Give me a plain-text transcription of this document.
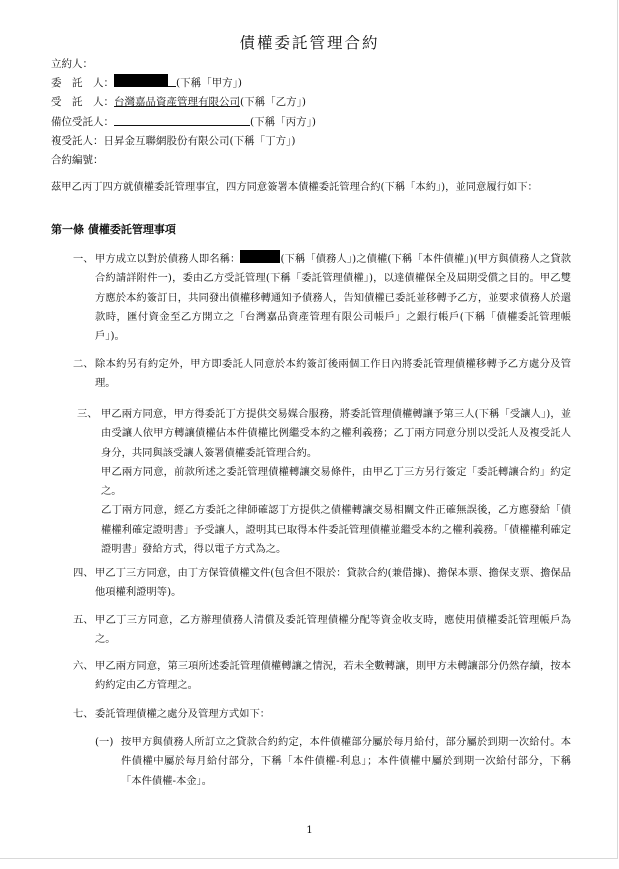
債權委託管理合約
立約人：
委　託　人：	(下稱「甲方」)
受　託　人：台灣嘉品資產管理有限公司(下稱「乙方」)
備位受託人：	(下稱「丙方」)
複受託人：日昇金互聯網股份有限公司(下稱「丁方」)
合約編號：
茲甲乙丙丁四方就債權委託管理事宜，四方同意簽署本債權委託管理合約(下稱「本約」)，並同意履行如下：
第一條 債權委託管理事項
一、 甲方成立以對於債務人即名稱：	(下稱「債務人」)之債權(下稱「本件債權」)(甲方與債務人之貸款合約請詳附件一)，委由乙方受託管理(下稱「委託管理債權」)，以達債權保全及屆期受償之目的。甲乙雙方應於本約簽訂日，共同發出債權移轉通知予債務人，告知債權已委託並移轉予乙方，並要求債務人於還款時，匯付資金至乙方開立之「台灣嘉品資產管理有限公司帳戶」之銀行帳戶(下稱「債權委託管理帳戶」)。
二、 除本約另有約定外，甲方即委託人同意於本約簽訂後兩個工作日內將委託管理債權移轉予乙方處分及管理。
三、 甲乙兩方同意，甲方得委託丁方提供交易媒合服務，將委託管理債權轉讓予第三人(下稱「受讓人」)，並由受讓人依甲方轉讓債權佔本件債權比例繼受本約之權利義務；乙丁兩方同意分別以受託人及複受託人身分，共同與該受讓人簽署債權委託管理合約。
甲乙兩方同意，前款所述之委託管理債權轉讓交易條件，由甲乙丁三方另行簽定「委託轉讓合約」約定之。
乙丁兩方同意，經乙方委託之律師確認丁方提供之債權轉讓交易相關文件正確無誤後，乙方應發給「債權權利確定證明書」予受讓人，證明其已取得本件委託管理債權並繼受本約之權利義務。「債權權利確定證明書」發給方式，得以電子方式為之。
四、 甲乙丁三方同意，由丁方保管債權文件(包含但不限於：貸款合約(兼借據)、擔保本票、擔保支票、擔保品他項權利證明等)。
五、 甲乙丁三方同意，乙方辦理債務人清償及委託管理債權分配等資金收支時，應使用債權委託管理帳戶為之。
六、 甲乙兩方同意，第三項所述委託管理債權轉讓之情況，若未全數轉讓，則甲方未轉讓部分仍然存續，按本約約定由乙方管理之。
七、 委託管理債權之處分及管理方式如下：
(一) 按甲方與債務人所訂立之貸款合約約定，本件債權部分屬於每月給付，部分屬於到期一次給付。本件債權中屬於每月給付部分，下稱「本件債權-利息」；本件債權中屬於到期一次給付部分，下稱「本件債權-本金」。
1
